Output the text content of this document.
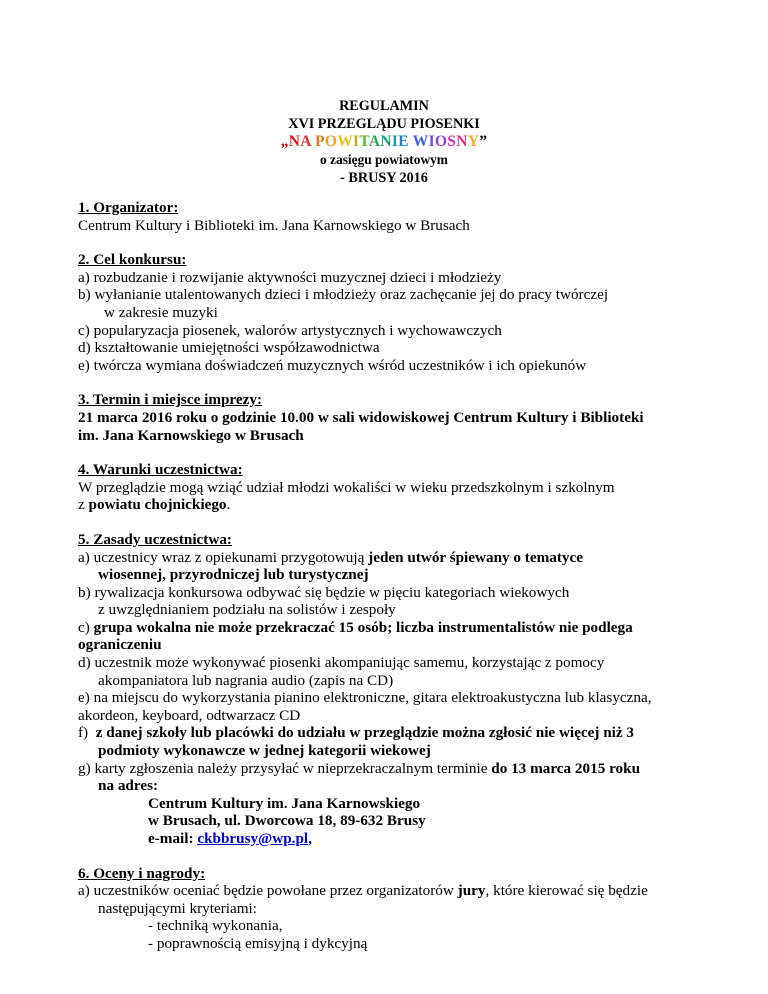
REGULAMIN
XVI PRZEGLĄDU PIOSENKI
„NA POWITANIE WIOSNY”
o zasięgu powiatowym
- BRUSY 2016

1. Organizator:

Centrum Kultury i Biblioteki im. Jana Karnowskiego w Brusach

2. Cel konkursu:

a) rozbudzanie i rozwijanie aktywności muzycznej dzieci i młodzieży

b) wyłanianie utalentowanych dzieci i młodzieży oraz zachęcanie jej do pracy twórczej

w zakresie muzyki

c) popularyzacja piosenek, walorów artystycznych i wychowawczych

d) kształtowanie umiejętności współzawodnictwa

e) twórcza wymiana doświadczeń muzycznych wśród uczestników i ich opiekunów

3. Termin i miejsce imprezy:

21 marca 2016 roku o godzinie 10.00 w sali widowiskowej Centrum Kultury i Biblioteki

im. Jana Karnowskiego w Brusach

4. Warunki uczestnictwa:

W przeglądzie mogą wziąć udział młodzi wokaliści w wieku przedszkolnym i szkolnym

z powiatu chojnickiego.

5. Zasady uczestnictwa:

a) uczestnicy wraz z opiekunami przygotowują jeden utwór śpiewany o tematyce

wiosennej, przyrodniczej lub turystycznej

b) rywalizacja konkursowa odbywać się będzie w pięciu kategoriach wiekowych

z uwzględnianiem podziału na solistów i zespoły

c) grupa wokalna nie może przekraczać 15 osób; liczba instrumentalistów nie podlega

ograniczeniu

d) uczestnik może wykonywać piosenki akompaniując samemu, korzystając z pomocy

akompaniatora lub nagrania audio (zapis na CD)

e) na miejscu do wykorzystania pianino elektroniczne, gitara elektroakustyczna lub klasyczna,

akordeon, keyboard, odtwarzacz CD

f)  z danej szkoły lub placówki do udziału w przeglądzie można zgłosić nie więcej niż 3

podmioty wykonawcze w jednej kategorii wiekowej

g) karty zgłoszenia należy przysyłać w nieprzekraczalnym terminie do 13 marca 2015 roku

na adres:

Centrum Kultury im. Jana Karnowskiego

w Brusach, ul. Dworcowa 18, 89-632 Brusy

e-mail: ckbbrusy@wp.pl,

6. Oceny i nagrody:

a) uczestników oceniać będzie powołane przez organizatorów jury, które kierować się będzie

następującymi kryteriami:

- techniką wykonania,

- poprawnością emisyjną i dykcyjną
